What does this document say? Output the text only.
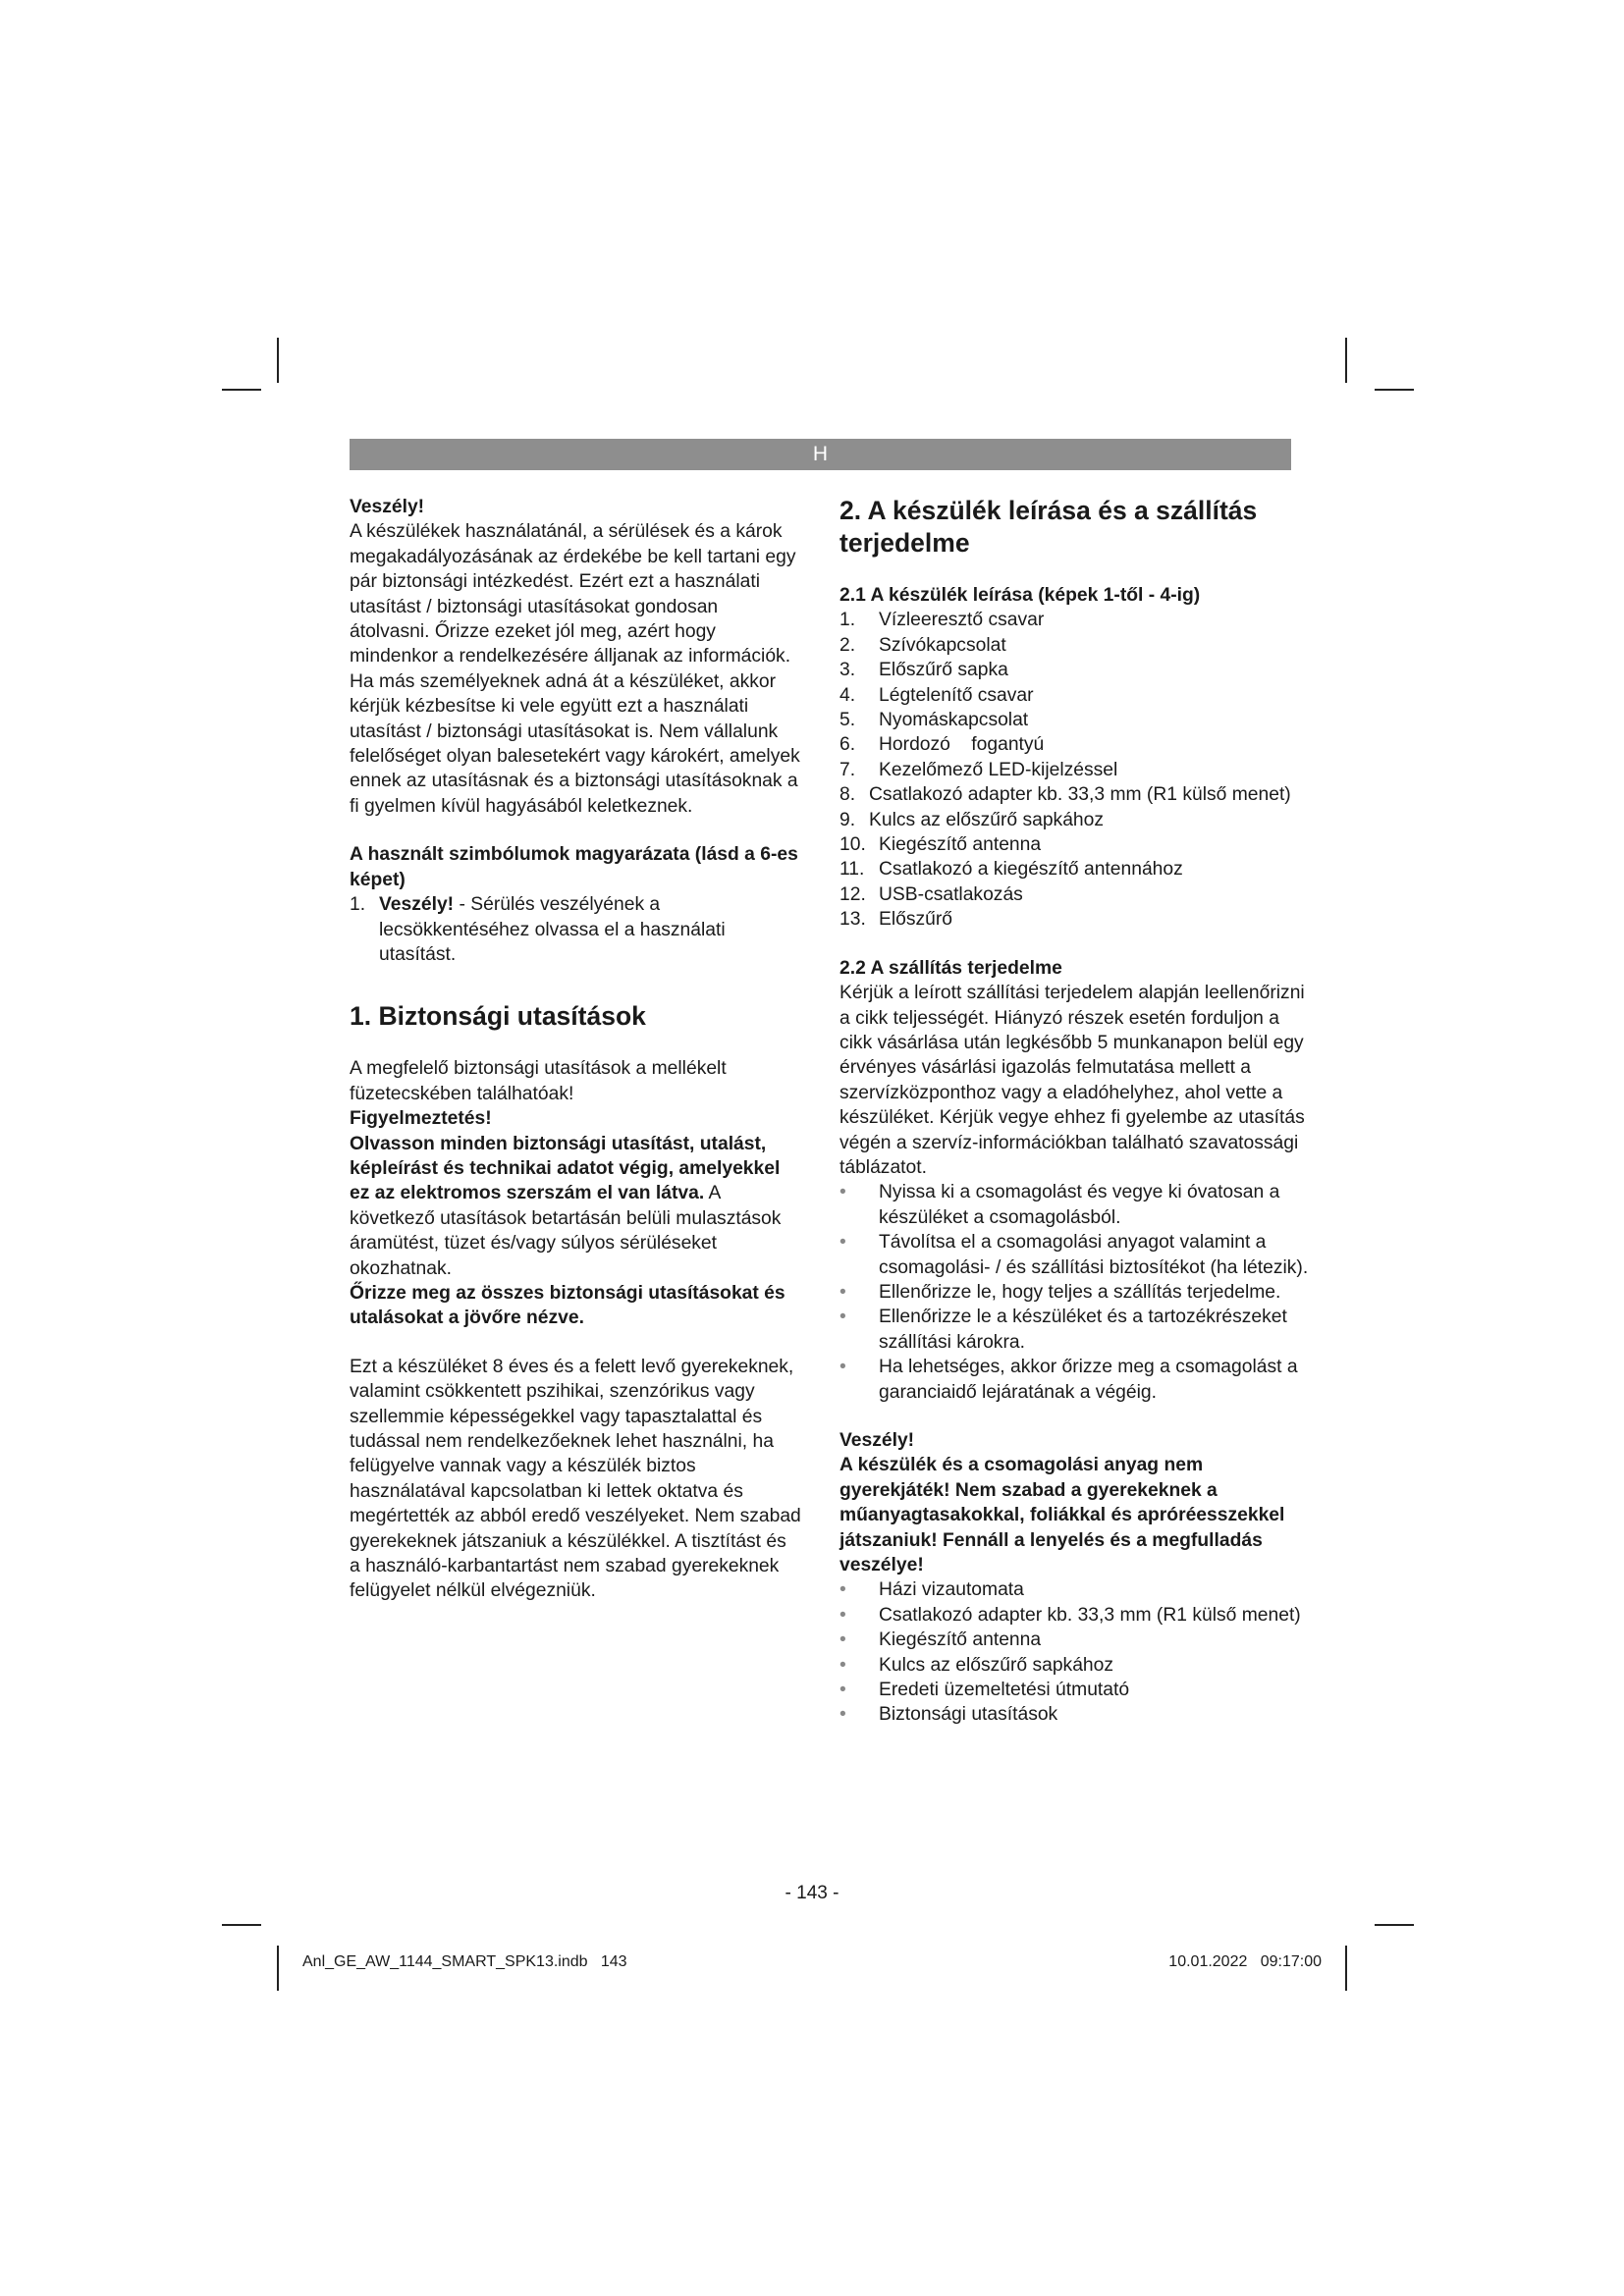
H
Veszély!

A készülékek használatánál, a sérülések és a károk megakadályozásának az érdekébe be kell tartani egy pár biztonsági intézkedést. Ezért ezt a használati utasítást / biztonsági utasításokat gondosan átolvasni. Őrizze ezeket jól meg, azért hogy mindenkor a rendelkezésére álljanak az információk. Ha más személyeknek adná át a készüléket, akkor kérjük kézbesítse ki vele együtt ezt a használati utasítást / biztonsági utasításokat is. Nem vállalunk felelőséget olyan balesetekért vagy károkért, amelyek ennek az utasításnak és a biztonsági utasításoknak a fi gyelmen kívül hagyásából keletkeznek.

A használt szimbólumok magyarázata (lásd a 6-es képet)
1. Veszély! - Sérülés veszélyének a lecsökkentéséhez olvassa el a használati utasítást.
1. Biztonsági utasítások

A megfelelő biztonsági utasítások a mellékelt füzetecskében találhatóak!

Figyelmeztetés!

Olvasson minden biztonsági utasítást, utalást, képleírást és technikai adatot végig, amelyekkel ez az elektromos szerszám el van látva. A következő utasítások betartásán belüli mulasztások áramütést, tüzet és/vagy súlyos sérüléseket okozhatnak.

Őrizze meg az összes biztonsági utasításokat és utalásokat a jövőre nézve.

Ezt a készüléket 8 éves és a felett levő gyerekeknek, valamint csökkentett pszihikai, szenzórikus vagy szellemmie képességekkel vagy tapasztalattal és tudással nem rendelkezőeknek lehet használni, ha felügyelve vannak vagy a készülék biztos használatával kapcsolatban ki lettek oktatva és megértették az abból eredő veszélyeket. Nem szabad gyerekeknek játszaniuk a készülékkel. A tisztítást és a használó-karbantartást nem szabad gyerekeknek felügyelet nélkül elvégezniük.

2. A készülék leírása és a szállítás terjedelme
2.1 A készülék leírása (képek 1-től - 4-ig)
1. Vízleeresztő csavar
2. Szívókapcsolat
3. Előszűrő sapka
4. Légtelenítő csavar
5. Nyomáskapcsolat
6. Hordozó    fogantyú
7. Kezelőmező LED-kijelzéssel
8. Csatlakozó adapter kb. 33,3 mm (R1 külső menet)
9. Kulcs az előszűrő sapkához
10. Kiegészítő antenna
11. Csatlakozó a kiegészítő antennához
12. USB-csatlakozás
13. Előszűrő
2.2 A szállítás terjedelme

Kérjük a leírott szállítási terjedelem alapján leellenőrizni a cikk teljességét. Hiányzó részek esetén forduljon a cikk vásárlása után legkésőbb 5 munkanapon belül egy érvényes vásárlási igazolás felmutatása mellett a szervízközponthoz vagy a eladóhelyhez, ahol vette a készüléket. Kérjük vegye ehhez fi gyelembe az utasítás végén a szervíz-információkban található szavatossági táblázatot.

• Nyissa ki a csomagolást és vegye ki óvatosan a készüléket a csomagolásból.
• Távolítsa el a csomagolási anyagot valamint a csomagolási- / és szállítási biztosítékot (ha létezik).
• Ellenőrizze le, hogy teljes a szállítás terjedelme.
• Ellenőrizze le a készüléket és a tartozékrészeket szállítási károkra.
• Ha lehetséges, akkor őrizze meg a csomagolást a garanciaidő lejáratának a végéig.
Veszély!

A készülék és a csomagolási anyag nem gyerekjáték! Nem szabad a gyerekeknek a műanyagtasakokkal, foliákkal és apróréesszekkel játszaniuk! Fennáll a lenyelés és a megfulladás veszélye!

• Házi vizautomata
• Csatlakozó adapter kb. 33,3 mm (R1 külső menet)
• Kiegészítő antenna
• Kulcs az előszűrő sapkához
• Eredeti üzemeltetési útmutató
• Biztonsági utasítások
- 143 -
Anl_GE_AW_1144_SMART_SPK13.indb   143	10.01.2022   09:17:00
